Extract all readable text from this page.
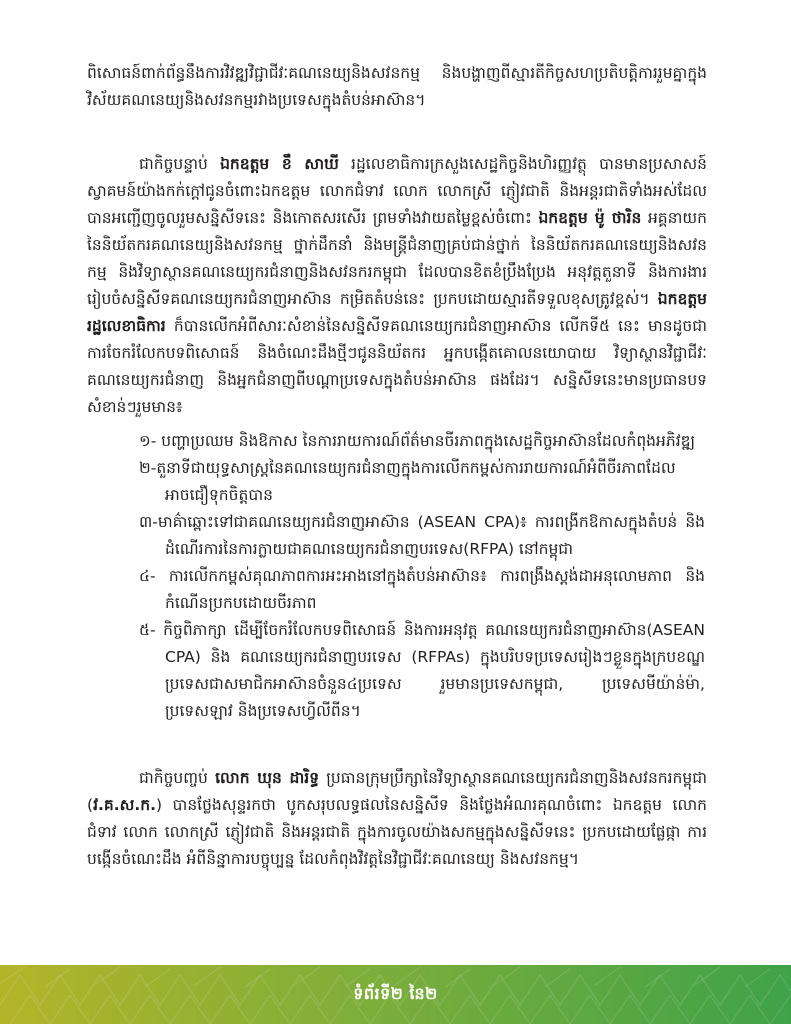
ពិសោធន៍ពាក់ព័ន្ធនឹងការវិវឌ្ឍវិជ្ជាជីវៈគណនេយ្យនិងសវនកម្ម និងបង្ហាញពីស្មារតីកិច្ចសហប្រតិបត្តិការរួមគ្នាក្នុងវិស័យគណនេយ្យនិងសវនកម្មរវាងប្រទេសក្នុងតំបន់អាស៊ាន។

ជាកិច្ចបន្ទាប់ ឯកឧត្តម ខឹ សាឃី រដ្ឋលេខាធិការក្រសួងសេដ្ឋកិច្ចនិងហិរញ្ញវត្ថុ បានមានប្រសាសន៍ស្វាគមន៍យ៉ាងកក់ក្តៅជូនចំពោះឯកឧត្តម លោកជំទាវ លោក លោកស្រី ភ្ញៀវជាតិ និងអន្តរជាតិទាំងអស់ដែលបានអញ្ជើញចូលរួមសន្និសីទនេះ និងកោតសរសើរ ព្រមទាំងវាយតម្លៃខ្ពស់ចំពោះ ឯកឧត្តម ម៉ូ ថារិន អគ្គនាយកនៃនិយ័តករគណនេយ្យនិងសវនកម្ម ថ្នាក់ដឹកនាំ និងមន្ត្រីជំនាញគ្រប់ជាន់ថ្នាក់ នៃនិយ័តករគណនេយ្យនិងសវនកម្ម និងវិទ្យាស្ថានគណនេយ្យករជំនាញនិងសវនករកម្ពុជា ដែលបានខិតខំប្រឹងប្រែង អនុវត្តតួនាទី និងការងាររៀបចំសន្និសីទគណនេយ្យករជំនាញអាស៊ាន កម្រិតតំបន់នេះ ប្រកបដោយស្មារតីទទួលខុសត្រូវខ្ពស់។ ឯកឧត្តមរដ្ឋលេខាធិការ ក៏បានលើកអំពីសារៈសំខាន់នៃសន្និសីទគណនេយ្យករជំនាញអាស៊ាន លើកទី៥ នេះ មានដូចជា ការចែករំលែកបទពិសោធន៍ និងចំណេះដឹងថ្មីៗជូននិយ័តករ អ្នកបង្កើតគោលនយោបាយ វិទ្យាស្ថានវិជ្ជាជីវៈ គណនេយ្យករជំនាញ និងអ្នកជំនាញពីបណ្តាប្រទេសក្នុងតំបន់អាស៊ាន ផងដែរ។ សន្និសីទនេះមានប្រធានបទសំខាន់ៗរួមមាន៖

១- បញ្ហាប្រឈម និងឱកាស នៃការរាយការណ៍ព័ត៌មានចីរភាពក្នុងសេដ្ឋកិច្ចអាស៊ានដែលកំពុងអភិវឌ្ឍ
២-តួនាទីជាយុទ្ធសាស្ត្រនៃគណនេយ្យករជំនាញក្នុងការលើកកម្ពស់ការរាយការណ៍អំពីចីរភាពដែលអាចជឿទុកចិត្តបាន
៣-មាគ៌ាឆ្ពោះទៅជាគណនេយ្យករជំនាញអាស៊ាន (ASEAN CPA)៖ ការពង្រីកឱកាសក្នុងតំបន់ និងដំណើរការនៃការក្លាយជាគណនេយ្យករជំនាញបរទេស(RFPA) នៅកម្ពុជា
៤- ការលើកកម្ពស់គុណភាពការអះអាងនៅក្នុងតំបន់អាស៊ាន៖ ការពង្រឹងស្តង់ដាអនុលោមភាព និងកំណើនប្រកបដោយចីរភាព
៥- កិច្ចពិភាក្សា ដើម្បីចែករំលែកបទពិសោធន៍ និងការអនុវត្ត គណនេយ្យករជំនាញអាស៊ាន(ASEAN CPA) និង គណនេយ្យករជំនាញបរទេស (RFPAs) ក្នុងបរិបទប្រទេសរៀងៗខ្លួនក្នុងក្របខណ្ឌប្រទេសជាសមាជិកអាស៊ានចំនួន៤ប្រទេស រួមមានប្រទេសកម្ពុជា, ប្រទេសមីយ៉ាន់ម៉ា, ប្រទេសឡាវ និងប្រទេសហ្វីលីពីន។

ជាកិច្ចបញ្ចប់ លោក ឃុន ដារិទ្ធ ប្រធានក្រុមប្រឹក្សានៃវិទ្យាស្ថានគណនេយ្យករជំនាញនិងសវនករកម្ពុជា (វ.គ.ស.ក.) បានថ្លែងសុន្ទរកថា បូកសរុបលទ្ធផលនៃសន្និសីទ និងថ្លែងអំណរគុណចំពោះ ឯកឧត្តម លោកជំទាវ លោក លោកស្រី ភ្ញៀវជាតិ និងអន្តរជាតិ ក្នុងការចូលយ៉ាងសកម្មក្នុងសន្និសីទនេះ ប្រកបដោយផ្លែផ្កា ការបង្កើនចំណេះដឹង អំពីនិន្នាការបច្ចុប្បន្ន ដែលកំពុងវិវត្តនៃវិជ្ជាជីវៈគណនេយ្យ និងសវនកម្ម។

ទំព័រទី២ នៃ២
